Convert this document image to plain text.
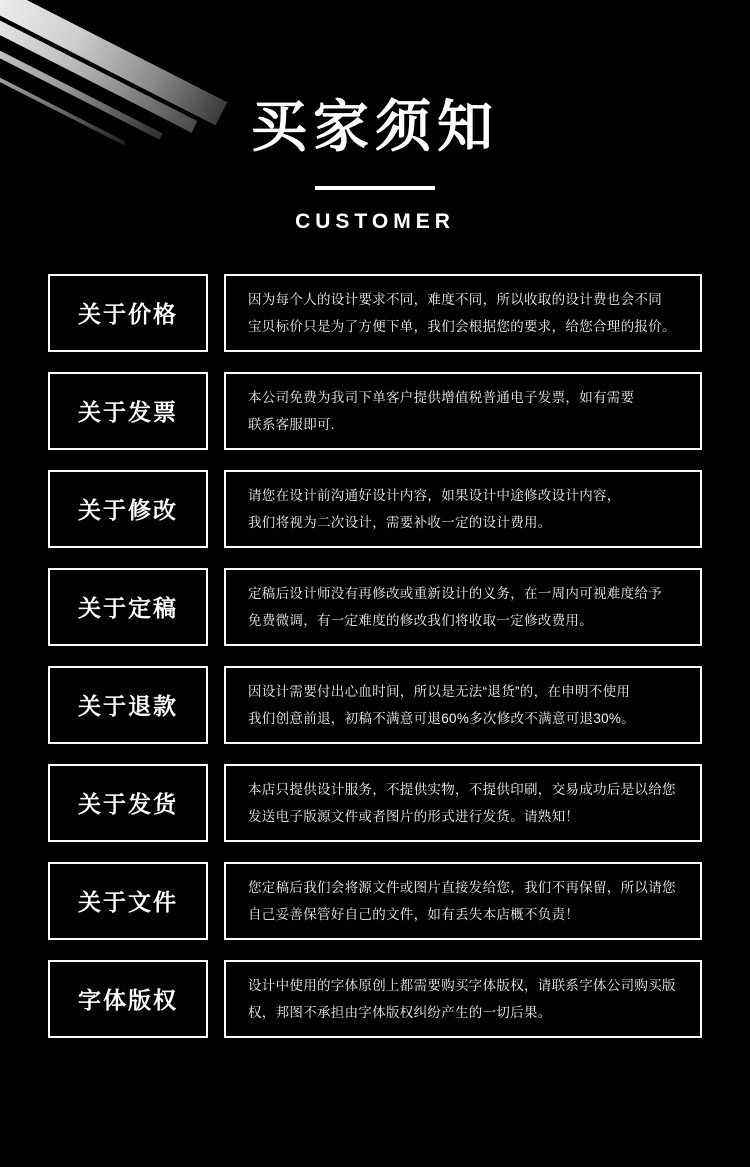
买家须知
CUSTOMER
关于价格

因为每个人的设计要求不同，难度不同，所以收取的设计费也会不同

宝贝标价只是为了方便下单，我们会根据您的要求，给您合理的报价。

关于发票

本公司免费为我司下单客户提供增值税普通电子发票，如有需要

联系客服即可.

关于修改

请您在设计前沟通好设计内容，如果设计中途修改设计内容，

我们将视为二次设计，需要补收一定的设计费用。

关于定稿

定稿后设计师没有再修改或重新设计的义务，在一周内可视难度给予

免费微调，有一定难度的修改我们将收取一定修改费用。

关于退款

因设计需要付出心血时间，所以是无法“退货”的，在申明不使用

我们创意前退，初稿不满意可退60%多次修改不满意可退30%。

关于发货

本店只提供设计服务，不提供实物，不提供印刷，交易成功后是以给您

发送电子版源文件或者图片的形式进行发货。请熟知！

关于文件

您定稿后我们会将源文件或图片直接发给您，我们不再保留，所以请您

自己妥善保管好自己的文件，如有丢失本店概不负责！

字体版权

设计中使用的字体原创上都需要购买字体版权，请联系字体公司购买版

权，邦图不承担由字体版权纠纷产生的一切后果。
